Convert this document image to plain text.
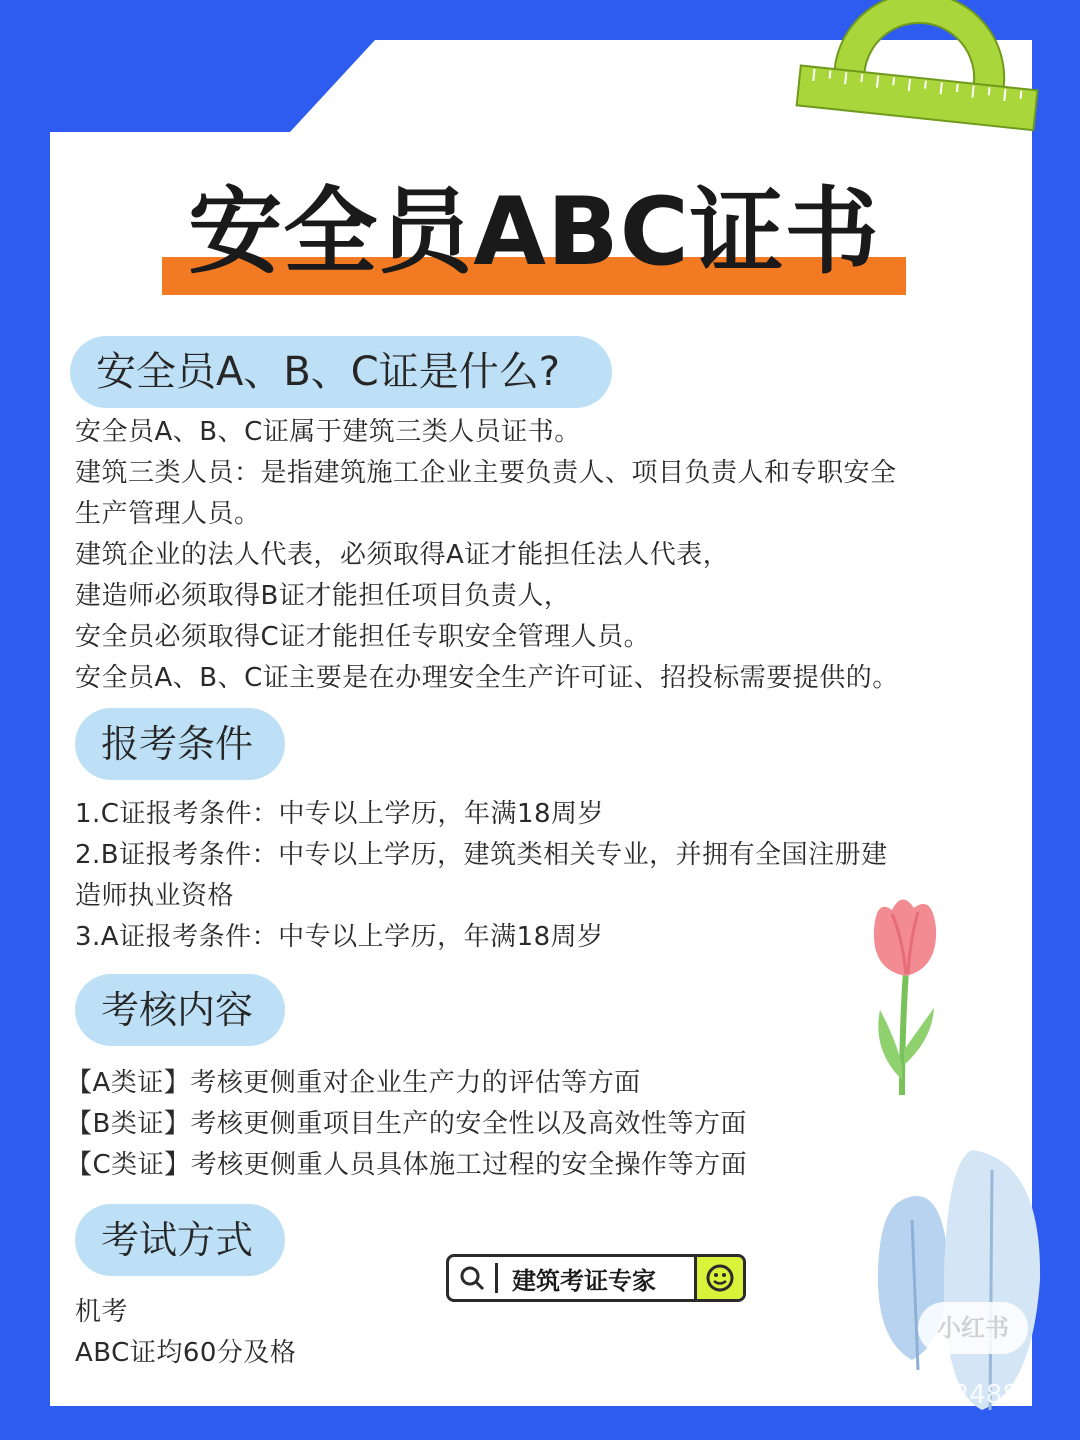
安全员ABC证书
安全员A、B、C证是什么?
安全员A、B、C证属于建筑三类人员证书。
建筑三类人员：是指建筑施工企业主要负责人、项目负责人和专职安全
生产管理人员。
建筑企业的法人代表，必须取得A证才能担任法人代表，
建造师必须取得B证才能担任项目负责人，
安全员必须取得C证才能担任专职安全管理人员。
安全员A、B、C证主要是在办理安全生产许可证、招投标需要提供的。
报考条件
1.C证报考条件：中专以上学历，年满18周岁
2.B证报考条件：中专以上学历，建筑类相关专业，并拥有全国注册建
造师执业资格
3.A证报考条件：中专以上学历，年满18周岁
考核内容
【A类证】考核更侧重对企业生产力的评估等方面
【B类证】考核更侧重项目生产的安全性以及高效性等方面
【C类证】考核更侧重人员具体施工过程的安全操作等方面
考试方式
机考
ABC证均60分及格
建筑考证专家
小红书
我的小红书号：113082488
